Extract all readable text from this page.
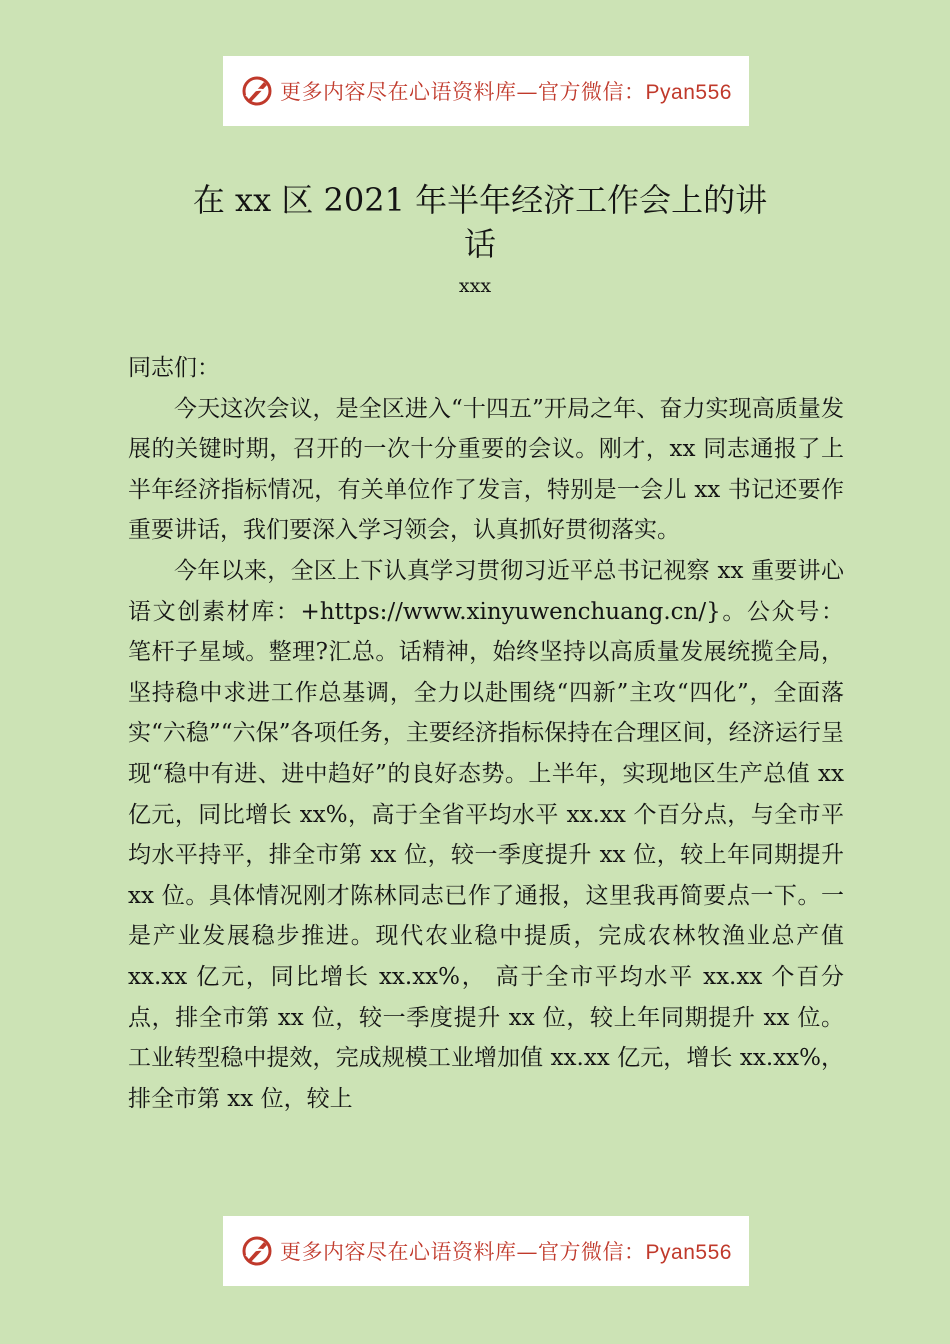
更多内容尽在心语资料库—官方微信：Pyan556
在 xx 区 2021 年半年经济工作会上的讲
话
xxx

同志们：

今天这次会议，是全区进入“十四五”开局之年、奋力实现高质量发展的关键时期，召开的一次十分重要的会议。刚才，xx 同志通报了上半年经济指标情况，有关单位作了发言，特别是一会儿 xx 书记还要作重要讲话，我们要深入学习领会，认真抓好贯彻落实。

今年以来，全区上下认真学习贯彻习近平总书记视察 xx 重要讲心语文创素材库：+https://www.xinyuwenchuang.cn/}。公众号：笔杆子星域。整理?汇总。话精神，始终坚持以高质量发展统揽全局，坚持稳中求进工作总基调，全力以赴围绕“四新”主攻“四化”，全面落实“六稳”“六保”各项任务，主要经济指标保持在合理区间，经济运行呈现“稳中有进、进中趋好”的良好态势。上半年，实现地区生产总值 xx 亿元，同比增长 xx%，高于全省平均水平 xx.xx 个百分点，与全市平均水平持平，排全市第 xx 位，较一季度提升 xx 位，较上年同期提升 xx 位。具体情况刚才陈林同志已作了通报，这里我再简要点一下。一是产业发展稳步推进。现代农业稳中提质，完成农林牧渔业总产值 xx.xx 亿元，同比增长 xx.xx%， 高于全市平均水平 xx.xx 个百分点，排全市第 xx 位，较一季度提升 xx 位，较上年同期提升 xx 位。工业转型稳中提效，完成规模工业增加值 xx.xx 亿元，增长 xx.xx%，排全市第 xx 位，较上

更多内容尽在心语资料库—官方微信：Pyan556
